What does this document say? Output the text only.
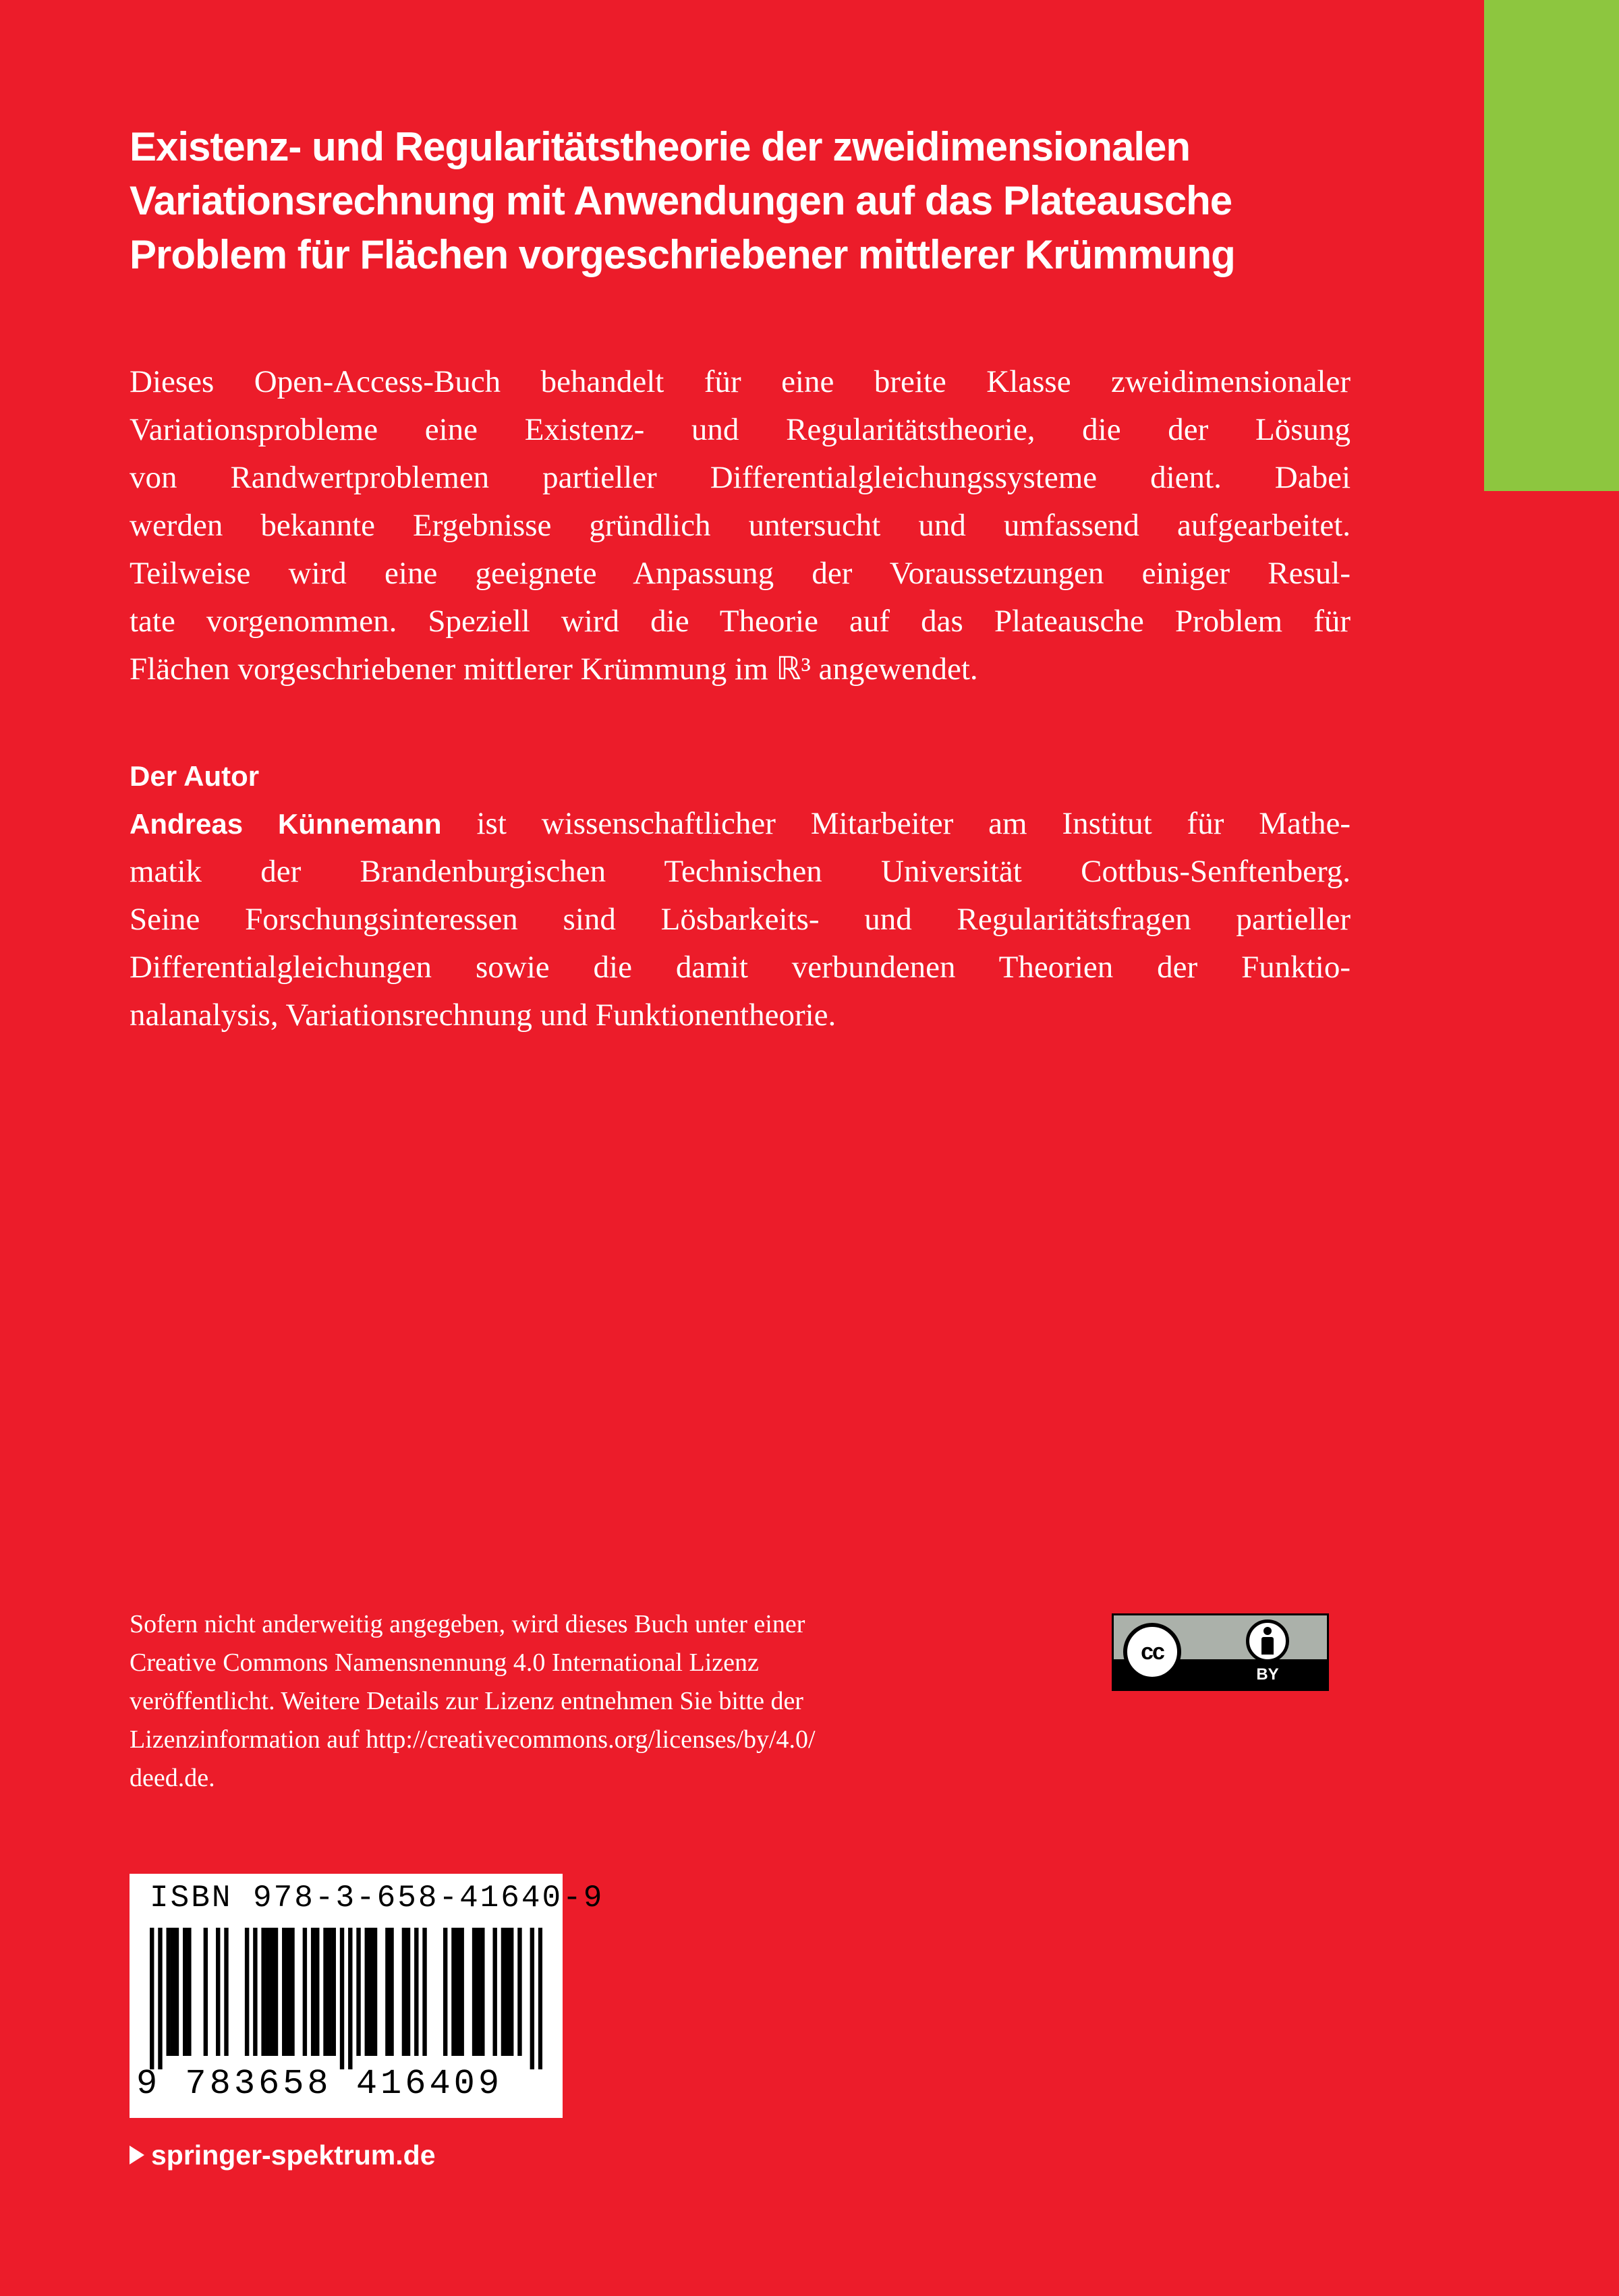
Existenz- und Regularitätstheorie der zweidimensionalen
Variationsrechnung mit Anwendungen auf das Plateausche
Problem für Flächen vorgeschriebener mittlerer Krümmung
Dieses Open-Access-Buch behandelt für eine breite Klasse zweidimensionaler
Variationsprobleme eine Existenz- und Regularitätstheorie, die der Lösung
von Randwertproblemen partieller Differentialgleichungssysteme dient. Dabei
werden bekannte Ergebnisse gründlich untersucht und umfassend aufgearbeitet.
Teilweise wird eine geeignete Anpassung der Voraussetzungen einiger Resul-
tate vorgenommen. Speziell wird die Theorie auf das Plateausche Problem für
Flächen vorgeschriebener mittlerer Krümmung im ℝ³ angewendet.
Der Autor
Andreas Künnemann ist wissenschaftlicher Mitarbeiter am Institut für Mathe-
matik der Brandenburgischen Technischen Universität Cottbus-Senftenberg.
Seine Forschungsinteressen sind Lösbarkeits- und Regularitätsfragen partieller
Differentialgleichungen sowie die damit verbundenen Theorien der Funktio-
nalanalysis, Variationsrechnung und Funktionentheorie.
Sofern nicht anderweitig angegeben, wird dieses Buch unter einer
Creative Commons Namensnennung 4.0 International Lizenz
veröffentlicht. Weitere Details zur Lizenz entnehmen Sie bitte der
Lizenzinformation auf http://creativecommons.org/licenses/by/4.0/
deed.de.
cc
BY
ISBN 978-3-658-41640-9
9 783658 416409
springer-spektrum.de
